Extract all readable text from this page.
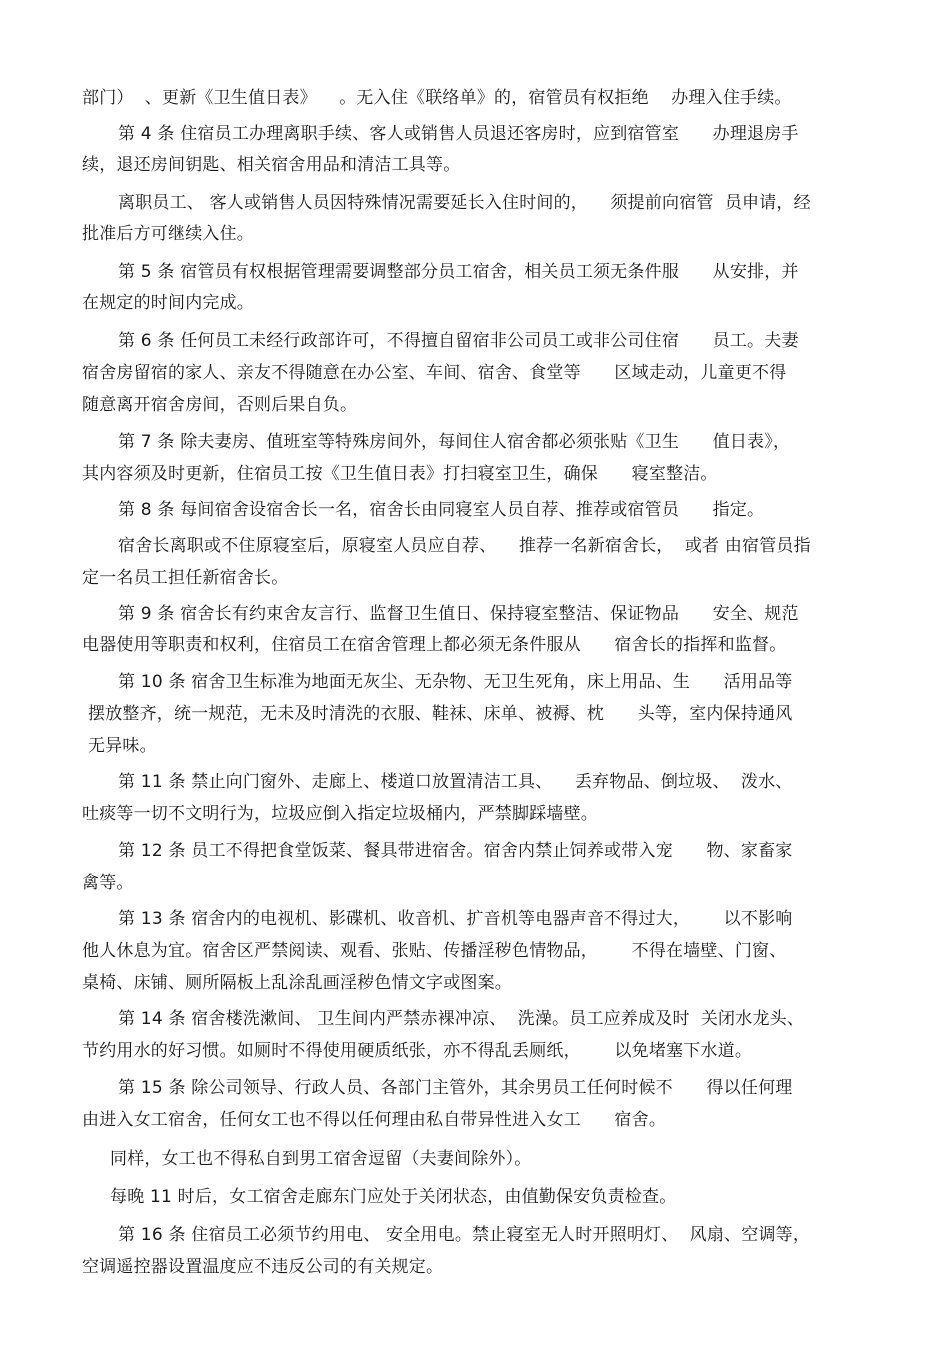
部门）  、更新《卫生值日表》    。无入住《联络单》的，宿管员有权拒绝    办理入住手续。
第 4 条 住宿员工办理离职手续、客人或销售人员退还客房时，应到宿管室      办理退房手
续，退还房间钥匙、相关宿舍用品和清洁工具等。
离职员工、 客人或销售人员因特殊情况需要延长入住时间的，    须提前向宿管  员申请，经
批准后方可继续入住。
第 5 条 宿管员有权根据管理需要调整部分员工宿舍，相关员工须无条件服      从安排，并
在规定的时间内完成。
第 6 条 任何员工未经行政部许可，不得擅自留宿非公司员工或非公司住宿      员工。夫妻
宿舍房留宿的家人、亲友不得随意在办公室、车间、宿舍、食堂等      区域走动，儿童更不得
随意离开宿舍房间，否则后果自负。
第 7 条 除夫妻房、值班室等特殊房间外，每间住人宿舍都必须张贴《卫生      值日表》，
其内容须及时更新，住宿员工按《卫生值日表》打扫寝室卫生，确保      寝室整洁。
第 8 条 每间宿舍设宿舍长一名，宿舍长由同寝室人员自荐、推荐或宿管员      指定。
宿舍长离职或不住原寝室后，原寝室人员应自荐、    推荐一名新宿舍长，  或者 由宿管员指
定一名员工担任新宿舍长。
第 9 条 宿舍长有约束舍友言行、监督卫生值日、保持寝室整洁、保证物品      安全、规范
电器使用等职责和权利，住宿员工在宿舍管理上都必须无条件服从      宿舍长的指挥和监督。
第 10 条 宿舍卫生标准为地面无灰尘、无杂物、无卫生死角，床上用品、生      活用品等
摆放整齐，统一规范，无未及时清洗的衣服、鞋袜、床单、被褥、枕      头等，室内保持通风
无异味。
第 11 条 禁止向门窗外、走廊上、楼道口放置清洁工具、    丢弃物品、倒垃圾、  泼水、
吐痰等一切不文明行为，垃圾应倒入指定垃圾桶内，严禁脚踩墙壁。
第 12 条 员工不得把食堂饭菜、餐具带进宿舍。宿舍内禁止饲养或带入宠      物、家畜家
禽等。
第 13 条 宿舍内的电视机、影碟机、收音机、扩音机等电器声音不得过大，      以不影响
他人休息为宜。宿舍区严禁阅读、观看、张贴、传播淫秽色情物品，      不得在墙壁、门窗、
桌椅、床铺、厕所隔板上乱涂乱画淫秽色情文字或图案。
第 14 条 宿舍楼洗漱间、 卫生间内严禁赤裸冲凉、  洗澡。员工应养成及时  关闭水龙头、
节约用水的好习惯。如厕时不得使用硬质纸张，亦不得乱丢厕纸，      以免堵塞下水道。
第 15 条 除公司领导、行政人员、各部门主管外，其余男员工任何时候不      得以任何理
由进入女工宿舍，任何女工也不得以任何理由私自带异性进入女工      宿舍。
同样，女工也不得私自到男工宿舍逗留（夫妻间除外）。
每晚 11 时后，女工宿舍走廊东门应处于关闭状态，由值勤保安负责检查。
第 16 条 住宿员工必须节约用电、 安全用电。禁止寝室无人时开照明灯、  风扇、空调等，
空调遥控器设置温度应不违反公司的有关规定。
